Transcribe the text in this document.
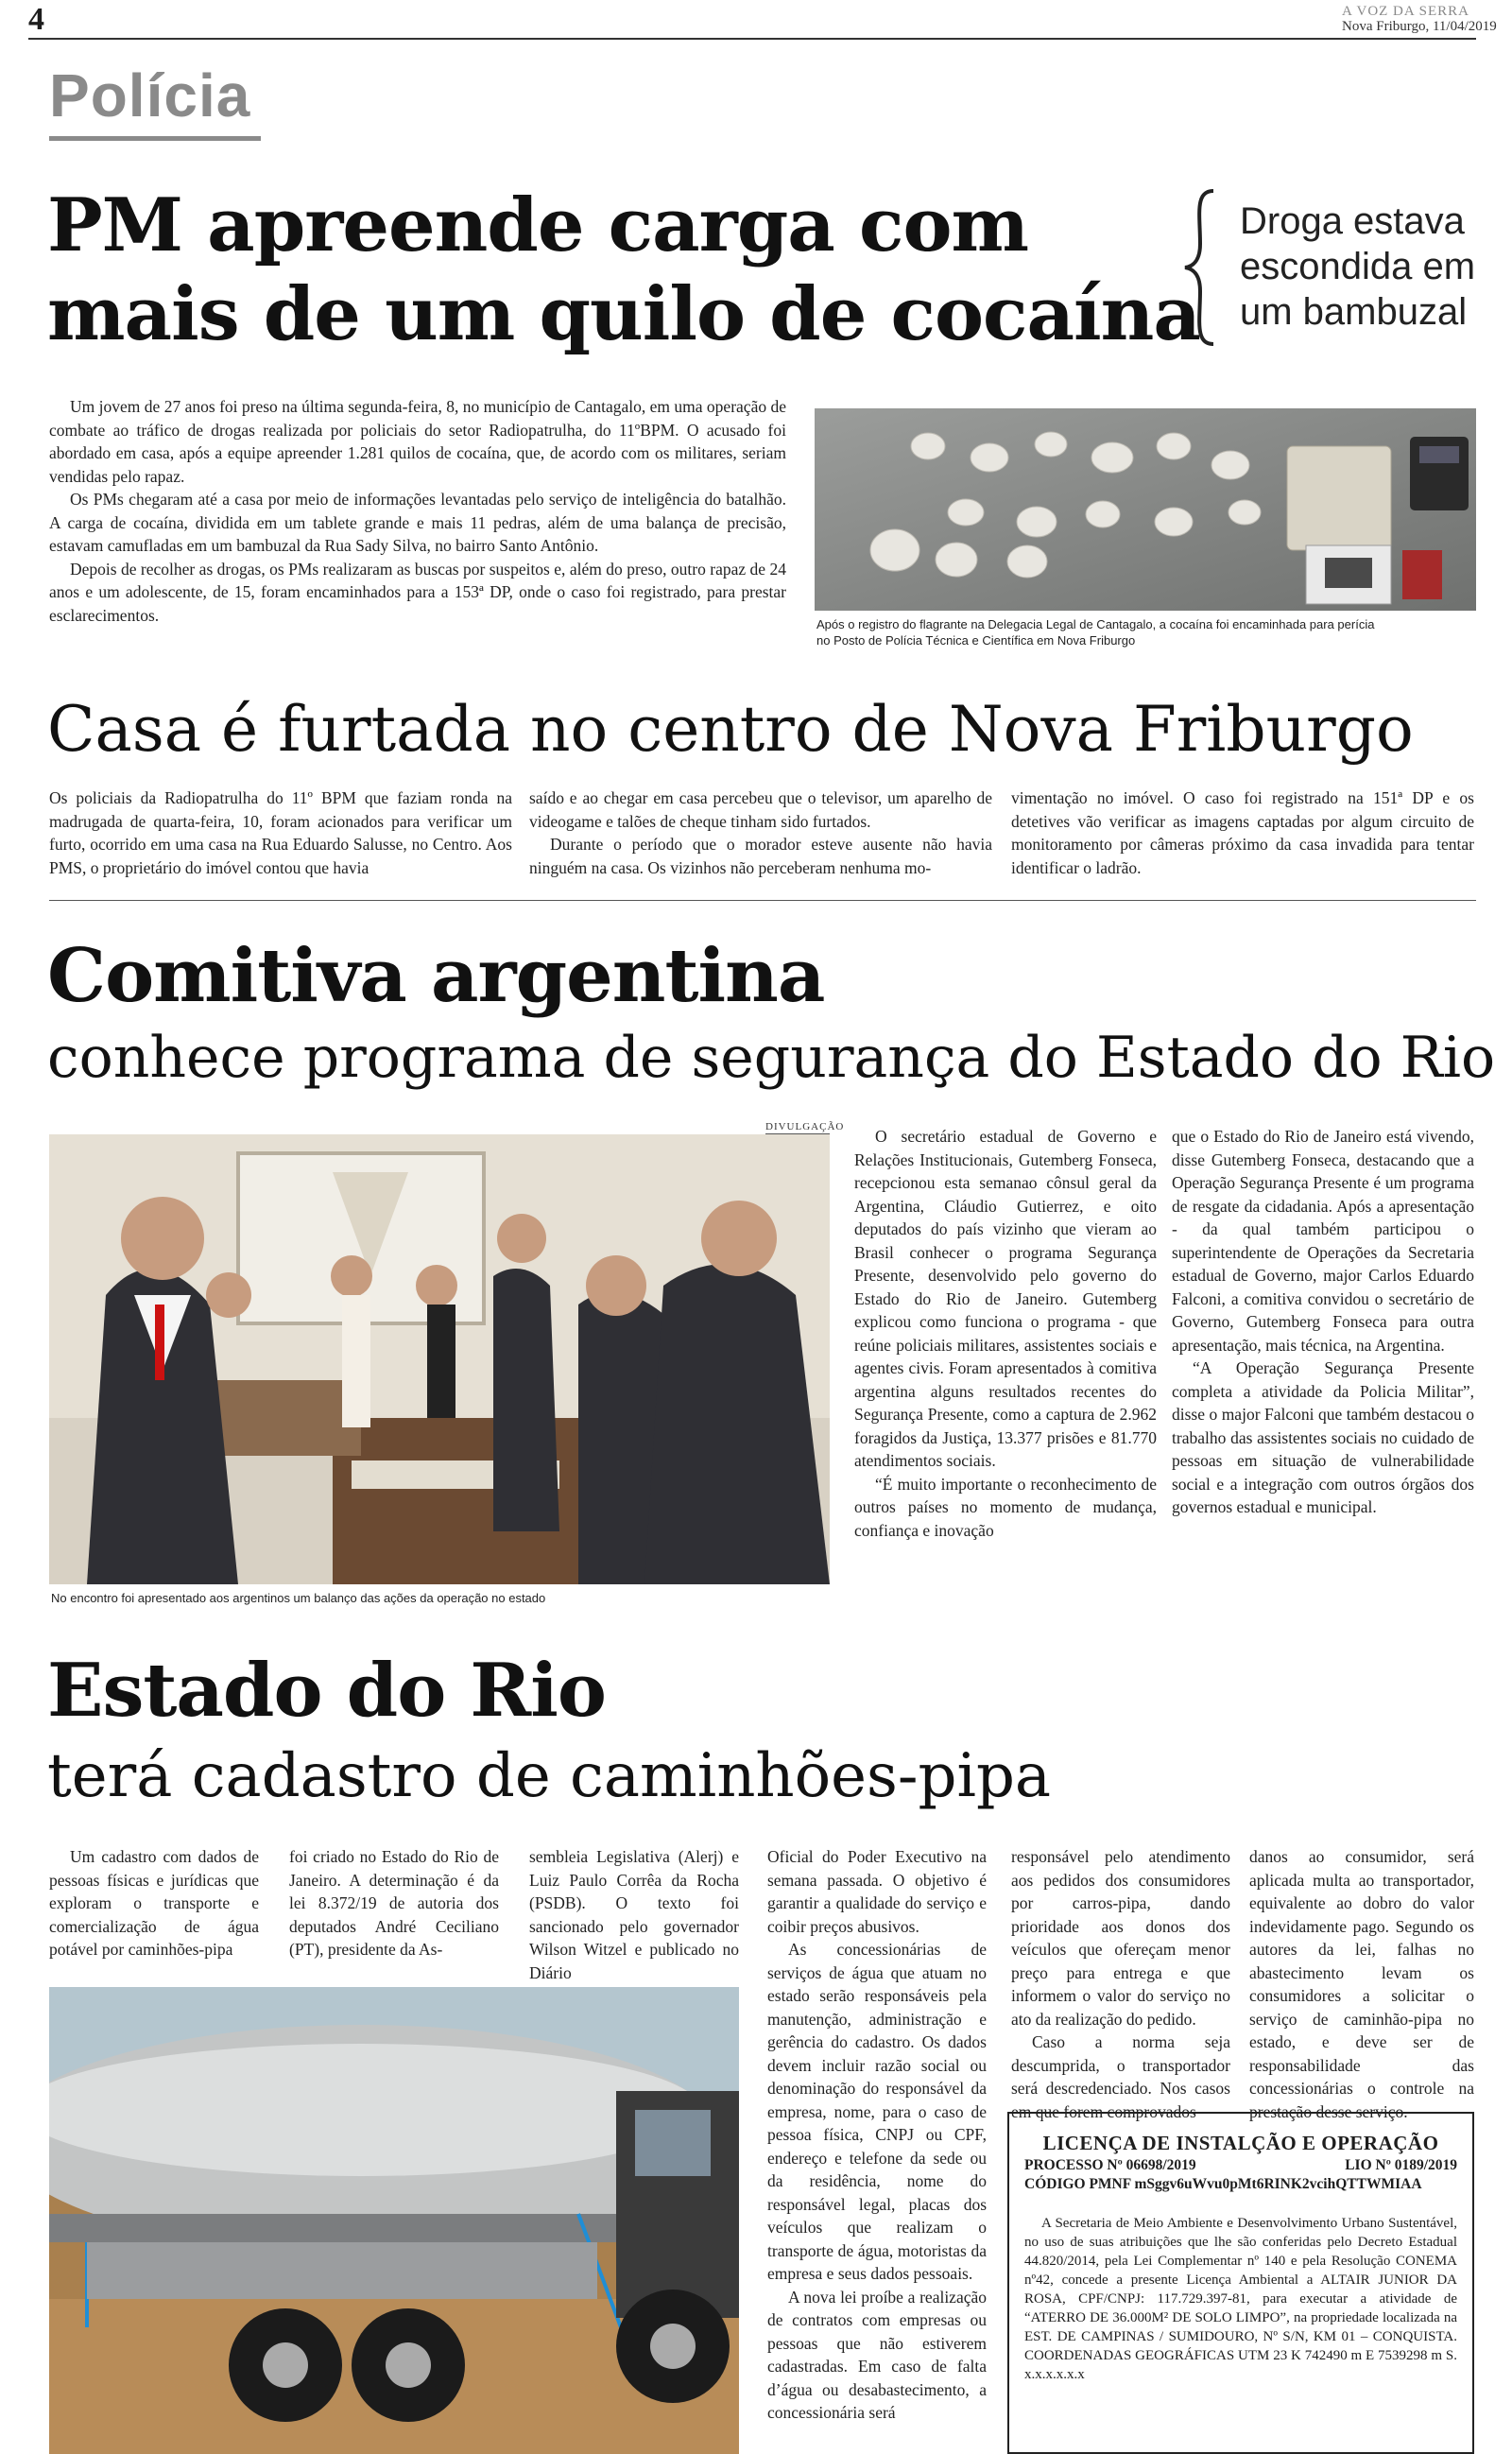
4	A VOZ DA SERRA
Nova Friburgo, 11/04/2019
Polícia
PM apreende carga com
mais de um quilo de cocaína
Droga estava
escondida em
um bambuzal

Um jovem de 27 anos foi preso na última segunda-feira, 8, no município de Cantagalo, em uma operação de combate ao tráfico de drogas realizada por policiais do setor Radiopatrulha, do 11ºBPM. O acusado foi abordado em casa, após a equipe apreender 1.281 quilos de cocaína, que, de acordo com os militares, seriam vendidas pelo rapaz.

Os PMs chegaram até a casa por meio de informações levantadas pelo serviço de inteligência do batalhão. A carga de cocaína, dividida em um tablete grande e mais 11 pedras, além de uma balança de precisão, estavam camufladas em um bambuzal da Rua Sady Silva, no bairro Santo Antônio.

Depois de recolher as drogas, os PMs realizaram as buscas por suspeitos e, além do preso, outro rapaz de 24 anos e um adolescente, de 15, foram encaminhados para a 153ª DP, onde o caso foi registrado, para prestar esclarecimentos.	Após o registro do flagrante na Delegacia Legal de Cantagalo, a cocaína foi encaminhada para perícia no Posto de Polícia Técnica e Científica em Nova Friburgo
Casa é furtada no centro de Nova Friburgo
Os policiais da Radiopatrulha do 11º BPM que faziam ronda na madrugada de quarta-feira, 10, foram acionados para verificar um furto, ocorrido em uma casa na Rua Eduardo Salusse, no Centro. Aos PMS, o proprietário do imóvel contou que havia

saído e ao chegar em casa percebeu que o televisor, um aparelho de videogame e talões de cheque tinham sido furtados.

Durante o período que o morador esteve ausente não havia ninguém na casa. Os vizinhos não perceberam nenhuma mo-

vimentação no imóvel. O caso foi registrado na 151ª DP e os detetives vão verificar as imagens captadas por algum circuito de monitoramento por câmeras próximo da casa invadida para tentar identificar o ladrão.
Comitiva argentina
conhece programa de segurança do Estado do Rio
DIVULGAÇÃO
No encontro foi apresentado aos argentinos um balanço das ações da operação no estado

O secretário estadual de Governo e Relações Institucionais, Gutemberg Fonseca, recepcionou esta semanao cônsul geral da Argentina, Cláudio Gutierrez, e oito deputados do país vizinho que vieram ao Brasil conhecer o programa Segurança Presente, desenvolvido pelo governo do Estado do Rio de Janeiro. Gutemberg explicou como funciona o programa - que reúne policiais militares, assistentes sociais e agentes civis. Foram apresentados à comitiva argentina alguns resultados recentes do Segurança Presente, como a captura de 2.962 foragidos da Justiça, 13.377 prisões e 81.770 atendimentos sociais.

“É muito importante o reconhecimento de outros países no momento de mudança, confiança e inovação

que o Estado do Rio de Janeiro está vivendo, disse Gutemberg Fonseca, destacando que a Operação Segurança Presente é um programa de resgate da cidadania. Após a apresentação - da qual também participou o superintendente de Operações da Secretaria estadual de Governo, major Carlos Eduardo Falconi, a comitiva convidou o secretário de Governo, Gutemberg Fonseca para outra apresentação, mais técnica, na Argentina.

“A Operação Segurança Presente completa a atividade da Policia Militar”, disse o major Falconi que também destacou o trabalho das assistentes sociais no cuidado de pessoas em situação de vulnerabilidade social e a integração com outros órgãos dos governos estadual e municipal.

Estado do Rio
terá cadastro de caminhões-pipa

Um cadastro com dados de pessoas físicas e jurídicas que exploram o transporte e comercialização de água potável por caminhões-pipa

foi criado no Estado do Rio de Janeiro. A determinação é da lei 8.372/19 de autoria dos deputados André Ceciliano (PT), presidente da As-
sembleia Legislativa (Alerj) e Luiz Paulo Corrêa da Rocha (PSDB). O texto foi sancionado pelo governador Wilson Witzel e publicado no Diário

Oficial do Poder Executivo na semana passada. O objetivo é garantir a qualidade do serviço e coibir preços abusivos.

As concessionárias de serviços de água que atuam no estado serão responsáveis pela manutenção, administração e gerência do cadastro. Os dados devem incluir razão social ou denominação do responsável da empresa, nome, para o caso de pessoa física, CNPJ ou CPF, endereço e telefone da sede ou da residência, nome do responsável legal, placas dos veículos que realizam o transporte de água, motoristas da empresa e seus dados pessoais.

A nova lei proíbe a realização de contratos com empresas ou pessoas que não estiverem cadastradas. Em caso de falta d’água ou desabastecimento, a concessionária será

responsável pelo atendimento aos pedidos dos consumidores por carros-pipa, dando prioridade aos donos dos veículos que ofereçam menor preço para entrega e que informem o valor do serviço no ato da realização do pedido.

Caso a norma seja descumprida, o transportador será descredenciado. Nos casos em que forem comprovados

danos ao consumidor, será aplicada multa ao transportador, equivalente ao dobro do valor indevidamente pago. Segundo os autores da lei, falhas no abastecimento levam os consumidores a solicitar o serviço de caminhão-pipa no estado, e deve ser de responsabilidade das concessionárias o controle na prestação desse serviço.
LICENÇA DE INSTALÇÃO E OPERAÇÃO
PROCESSO Nº 06698/2019	LIO Nº 0189/2019
CÓDIGO PMNF mSggv6uWvu0pMt6RINK2vcihQTTWMIAA
A Secretaria de Meio Ambiente e Desenvolvimento Urbano Sustentável, no uso de suas atribuições que lhe são conferidas pelo Decreto Estadual 44.820/2014, pela Lei Complementar nº 140 e pela Resolução CONEMA nº42, concede a presente Licença Ambiental a ALTAIR JUNIOR DA ROSA, CPF/CNPJ: 117.729.397-81, para executar a atividade de “ATERRO DE 36.000M² DE SOLO LIMPO”, na propriedade localizada na EST. DE CAMPINAS / SUMIDOURO, Nº S/N, KM 01 – CONQUISTA. COORDENADAS GEOGRÁFICAS UTM 23 K 742490 m E 7539298 m S. x.x.x.x.x.x
